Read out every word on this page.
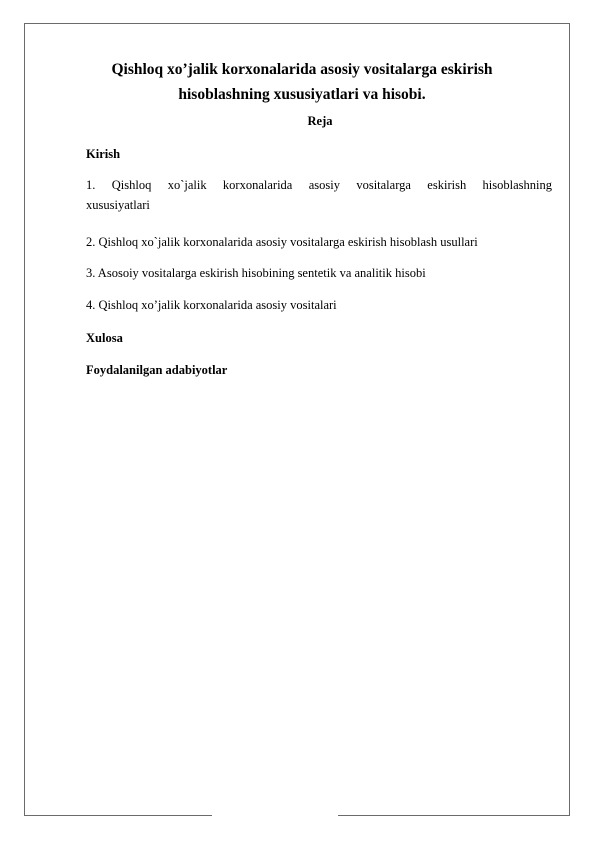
Qishloq xo’jalik korxonalarida asosiy vositalarga eskirish hisoblashning xususiyatlari va hisobi.
Reja
Kirish
1. Qishloq xo`jalik korxonalarida asosiy vositalarga eskirish hisoblashning xususiyatlari
2. Qishloq xo`jalik korxonalarida asosiy vositalarga eskirish hisoblash usullari
3. Asosoiy vositalarga eskirish hisobining sentetik va analitik hisobi
4. Qishloq xo’jalik korxonalarida asosiy vositalari
Xulosa
Foydalanilgan adabiyotlar
